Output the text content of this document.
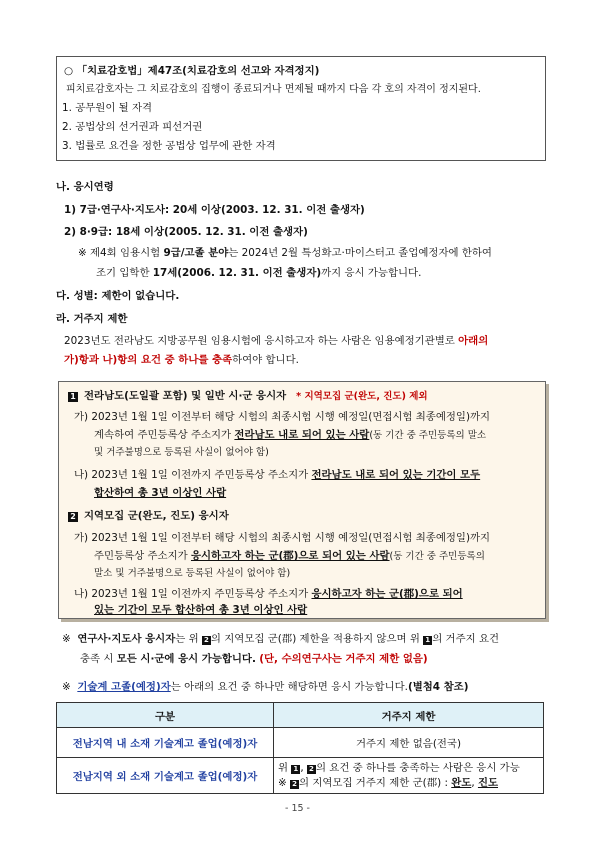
○ 「치료감호법」제47조(치료감호의 선고와 자격정지)
피치료감호자는 그 치료감호의 집행이 종료되거나 면제될 때까지 다음 각 호의 자격이 정지된다.
1. 공무원이 될 자격
2. 공법상의 선거권과 피선거권
3. 법률로 요건을 정한 공법상 업무에 관한 자격
나. 응시연령
1) 7급·연구사·지도사: 20세 이상(2003. 12. 31. 이전 출생자)
2) 8·9급: 18세 이상(2005. 12. 31. 이전 출생자)
※ 제4회 임용시험 9급/고졸 분야는 2024년 2월 특성화고·마이스터고 졸업예정자에 한하여
조기 입학한 17세(2006. 12. 31. 이전 출생자)까지 응시 가능합니다.
다. 성별: 제한이 없습니다.
라. 거주지 제한
2023년도 전라남도 지방공무원 임용시험에 응시하고자 하는 사람은 임용예정기관별로 아래의
가)항과 나)항의 요건 중 하나를 충족하여야 합니다.
1 전라남도(도일괄 포함) 및 일반 시·군 응시자 * 지역모집 군(완도, 진도) 제외
가) 2023년 1월 1일 이전부터 해당 시험의 최종시험 시행 예정일(면접시험 최종예정일)까지
계속하여 주민등록상 주소지가 전라남도 내로 되어 있는 사람(동 기간 중 주민등록의 말소
및 거주불명으로 등록된 사실이 없어야 함)
나) 2023년 1월 1일 이전까지 주민등록상 주소지가 전라남도 내로 되어 있는 기간이 모두
합산하여 총 3년 이상인 사람
2 지역모집 군(완도, 진도) 응시자
가) 2023년 1월 1일 이전부터 해당 시험의 최종시험 시행 예정일(면접시험 최종예정일)까지
주민등록상 주소지가 응시하고자 하는 군(郡)으로 되어 있는 사람(동 기간 중 주민등록의
말소 및 거주불명으로 등록된 사실이 없어야 함)
나) 2023년 1월 1일 이전까지 주민등록상 주소지가 응시하고자 하는 군(郡)으로 되어
있는 기간이 모두 합산하여 총 3년 이상인 사람
※ 연구사·지도사 응시자는 위 2 의 지역모집 군(郡) 제한을 적용하지 않으며 위 1 의 거주지 요건
충족 시 모든 시·군에 응시 가능합니다. (단, 수의연구사는 거주지 제한 없음)
※ 기술계 고졸(예정)자는 아래의 요건 중 하나만 해당하면 응시 가능합니다.(별첨4 참조)
구분	거주지 제한
전남지역 내 소재 기술계고 졸업(예정)자	거주지 제한 없음(전국)
전남지역 외 소재 기술계고 졸업(예정)자	위 1 , 2 의 요건 중 하나를 충족하는 사람은 응시 가능
※ 2 의 지역모집 거주지 제한 군(郡) : 완도, 진도
- 15 -
